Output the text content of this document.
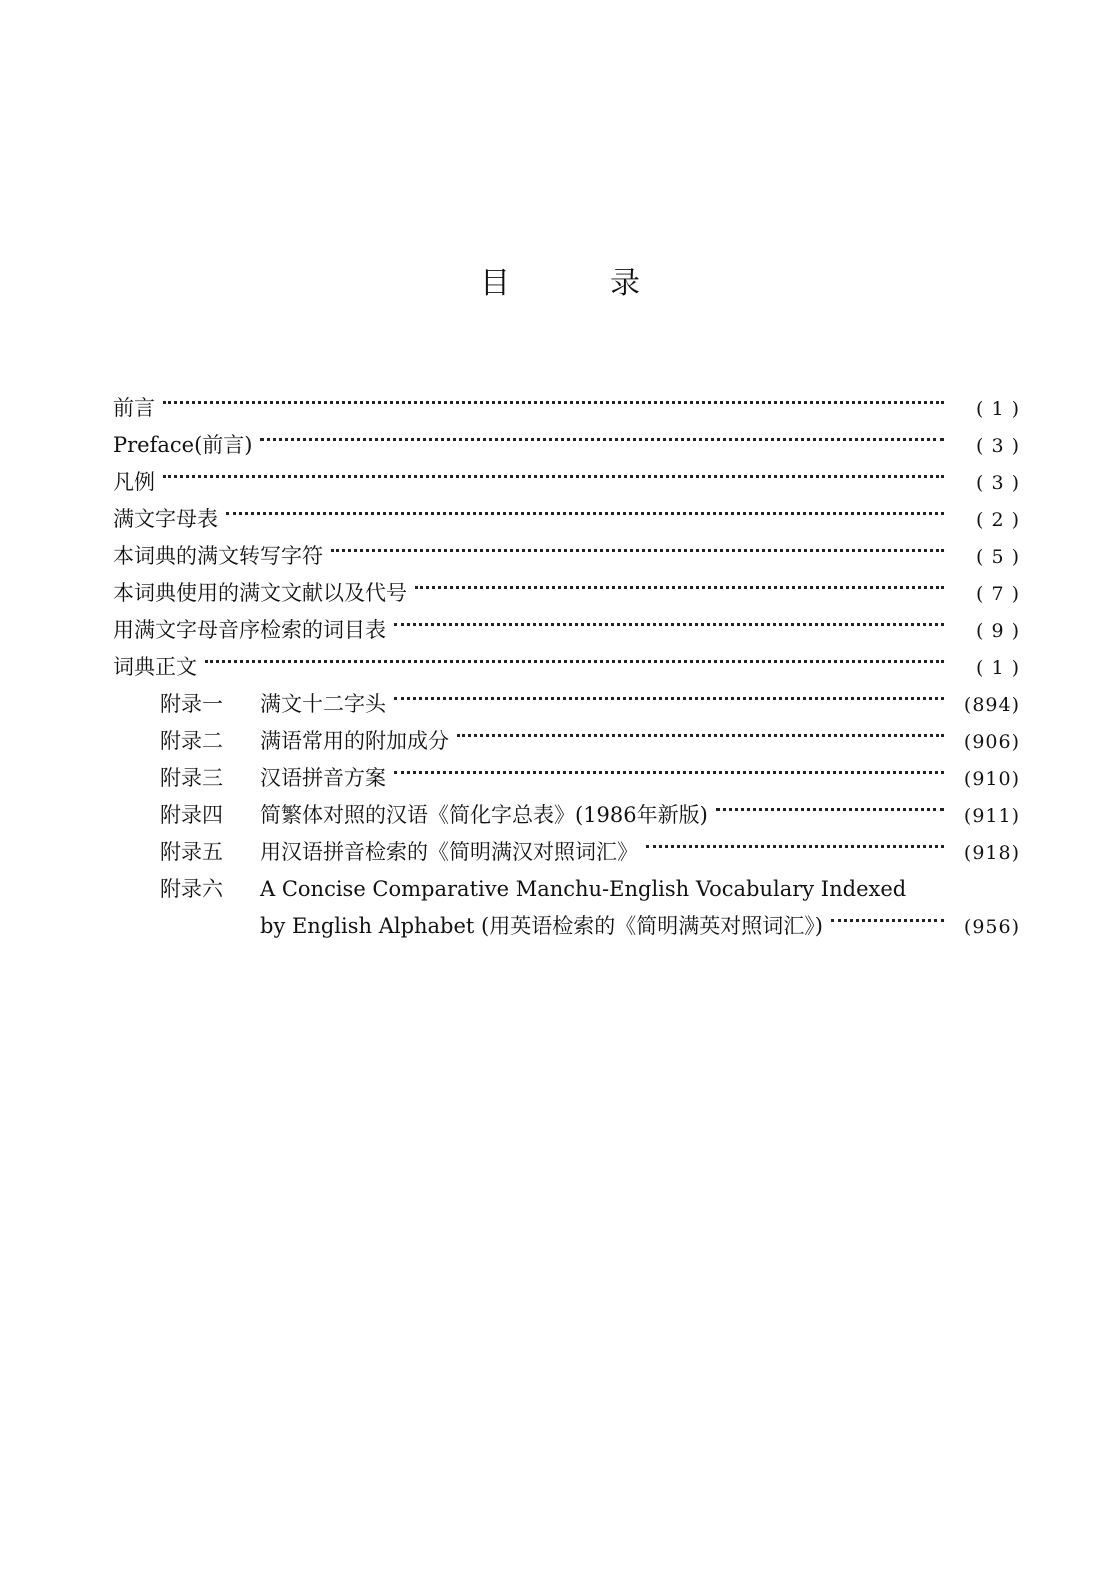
目	录
前言	( 1 )
Preface(前言)	( 3 )
凡例	( 3 )
满文字母表	( 2 )
本词典的满文转写字符	( 5 )
本词典使用的满文文献以及代号	( 7 )
用满文字母音序检索的词目表	( 9 )
词典正文	( 1 )
附录一	满文十二字头	(894)
附录二	满语常用的附加成分	(906)
附录三	汉语拼音方案	(910)
附录四	简繁体对照的汉语《简化字总表》(1986年新版)	(911)
附录五	用汉语拼音检索的《简明满汉对照词汇》	(918)
附录六 A Concise Comparative Manchu-English Vocabulary Indexed
by English Alphabet (用英语检索的《简明满英对照词汇》)	(956)
